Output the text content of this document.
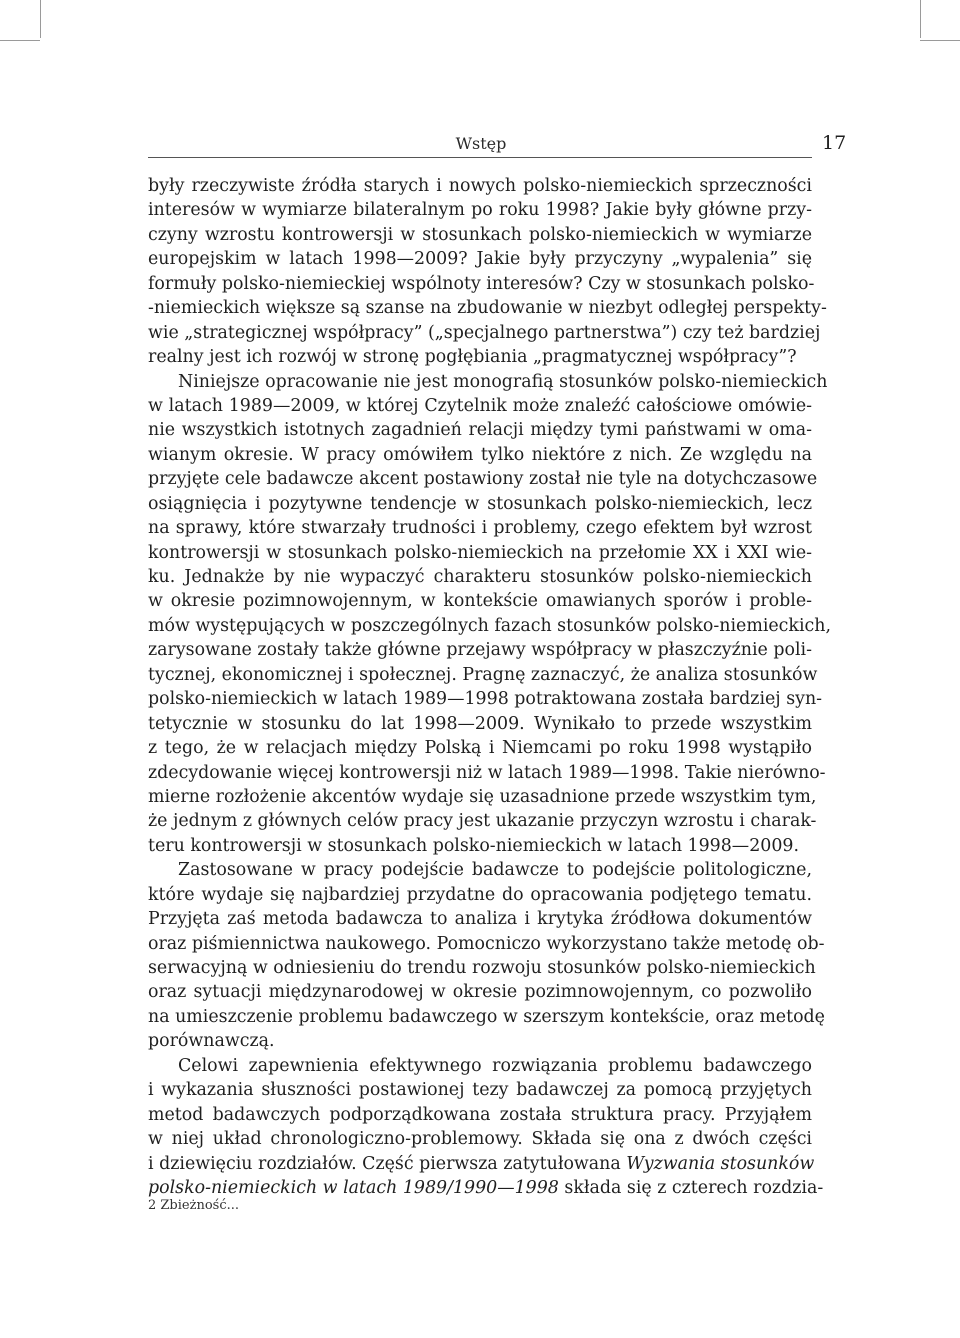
Wstęp	17
były rzeczywiste źródła starych i nowych polsko-niemieckich sprzeczności
interesów w wymiarze bilateralnym po roku 1998? Jakie były główne przy-
czyny wzrostu kontrowersji w stosunkach polsko-niemieckich w wymiarze
europejskim w latach 1998—2009? Jakie były przyczyny „wypalenia” się
formuły polsko-niemieckiej wspólnoty interesów? Czy w stosunkach polsko-
-niemieckich większe są szanse na zbudowanie w niezbyt odległej perspekty-
wie „strategicznej współpracy” („specjalnego partnerstwa”) czy też bardziej
realny jest ich rozwój w stronę pogłębiania „pragmatycznej współpracy”?
Niniejsze opracowanie nie jest monografią stosunków polsko-niemieckich
w latach 1989—2009, w której Czytelnik może znaleźć całościowe omówie-
nie wszystkich istotnych zagadnień relacji między tymi państwami w oma-
wianym okresie. W pracy omówiłem tylko niektóre z nich. Ze względu na
przyjęte cele badawcze akcent postawiony został nie tyle na dotychczasowe
osiągnięcia i pozytywne tendencje w stosunkach polsko-niemieckich, lecz
na sprawy, które stwarzały trudności i problemy, czego efektem był wzrost
kontrowersji w stosunkach polsko-niemieckich na przełomie XX i XXI wie-
ku. Jednakże by nie wypaczyć charakteru stosunków polsko-niemieckich
w okresie pozimnowojennym, w kontekście omawianych sporów i proble-
mów występujących w poszczególnych fazach stosunków polsko-niemieckich,
zarysowane zostały także główne przejawy współpracy w płaszczyźnie poli-
tycznej, ekonomicznej i społecznej. Pragnę zaznaczyć, że analiza stosunków
polsko-niemieckich w latach 1989—1998 potraktowana została bardziej syn-
tetycznie w stosunku do lat 1998—2009. Wynikało to przede wszystkim
z tego, że w relacjach między Polską i Niemcami po roku 1998 wystąpiło
zdecydowanie więcej kontrowersji niż w latach 1989—1998. Takie nierówno-
mierne rozłożenie akcentów wydaje się uzasadnione przede wszystkim tym,
że jednym z głównych celów pracy jest ukazanie przyczyn wzrostu i charak-
teru kontrowersji w stosunkach polsko-niemieckich w latach 1998—2009.
Zastosowane w pracy podejście badawcze to podejście politologiczne,
które wydaje się najbardziej przydatne do opracowania podjętego tematu.
Przyjęta zaś metoda badawcza to analiza i krytyka źródłowa dokumentów
oraz piśmiennictwa naukowego. Pomocniczo wykorzystano także metodę ob-
serwacyjną w odniesieniu do trendu rozwoju stosunków polsko-niemieckich
oraz sytuacji międzynarodowej w okresie pozimnowojennym, co pozwoliło
na umieszczenie problemu badawczego w szerszym kontekście, oraz metodę
porównawczą.
Celowi zapewnienia efektywnego rozwiązania problemu badawczego
i wykazania słuszności postawionej tezy badawczej za pomocą przyjętych
metod badawczych podporządkowana została struktura pracy. Przyjąłem
w niej układ chronologiczno-problemowy. Składa się ona z dwóch części
i dziewięciu rozdziałów. Część pierwsza zatytułowana Wyzwania stosunków
polsko-niemieckich w latach 1989/1990—1998 składa się z czterech rozdzia-
2 Zbieżność...
